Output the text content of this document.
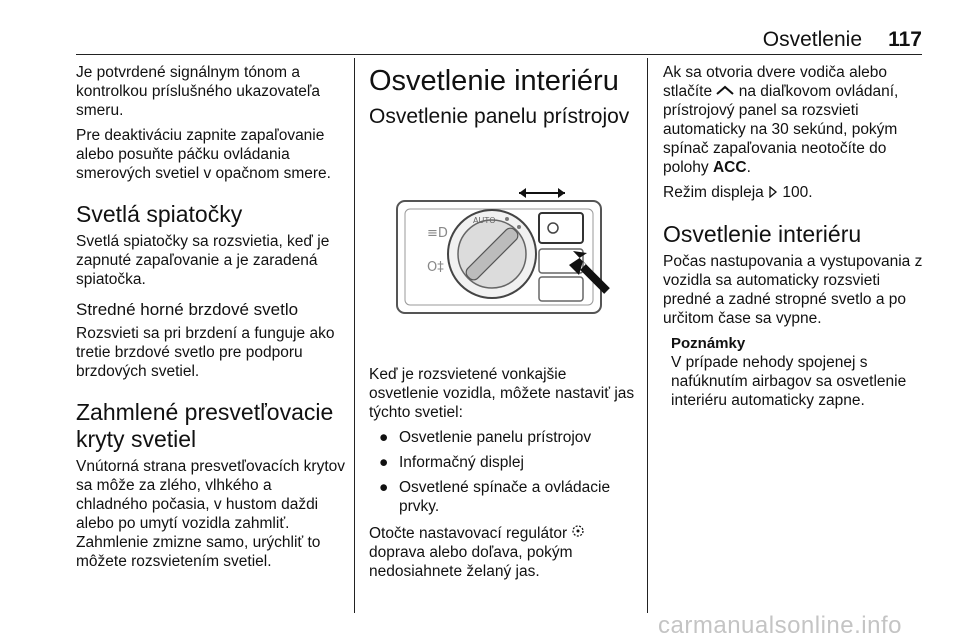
Osvetlenie 117

Je potvrdené signálnym tónom a kontrolkou príslušného ukazovateľa smeru.

Pre deaktiváciu zapnite zapaľovanie alebo posuňte páčku ovládania smerových svetiel v opačnom smere.

Svetlá spiatočky

Svetlá spiatočky sa rozsvietia, keď je zapnuté zapaľovanie a je zaradená spiatočka.

Stredné horné brzdové svetlo

Rozsvieti sa pri brzdení a funguje ako tretie brzdové svetlo pre podporu brzdových svetiel.

Zahmlené presvetľovacie kryty svetiel

Vnútorná strana presvetľovacích krytov sa môže za zlého, vlhkého a chladného počasia, v hustom daždi alebo po umytí vozidla zahmliť. Zahmlenie zmizne samo, urýchliť to môžete rozsvietením svetiel.

Osvetlenie interiéru
Osvetlenie panelu prístrojov
≡D
O‡
AUTO

Keď je rozsvietené vonkajšie osvetlenie vozidla, môžete nastaviť jas týchto svetiel:

● Osvetlenie panelu prístrojov
● Informačný displej
● Osvetlené spínače a ovládacie prvky.

Otočte nastavovací regulátor  doprava alebo doľava, pokým nedosiahnete želaný jas.

Ak sa otvoria dvere vodiča alebo stlačíte  na diaľkovom ovládaní, prístrojový panel sa rozsvieti automaticky na 30 sekúnd, pokým spínač zapaľovania neotočíte do polohy ACC.

Režim displeja  100.

Osvetlenie interiéru

Počas nastupovania a vystupovania z vozidla sa automaticky rozsvieti predné a zadné stropné svetlo a po určitom čase sa vypne.

Poznámky
V prípade nehody spojenej s nafúknutím airbagov sa osvetlenie interiéru automaticky zapne.
carmanualsonline.info
